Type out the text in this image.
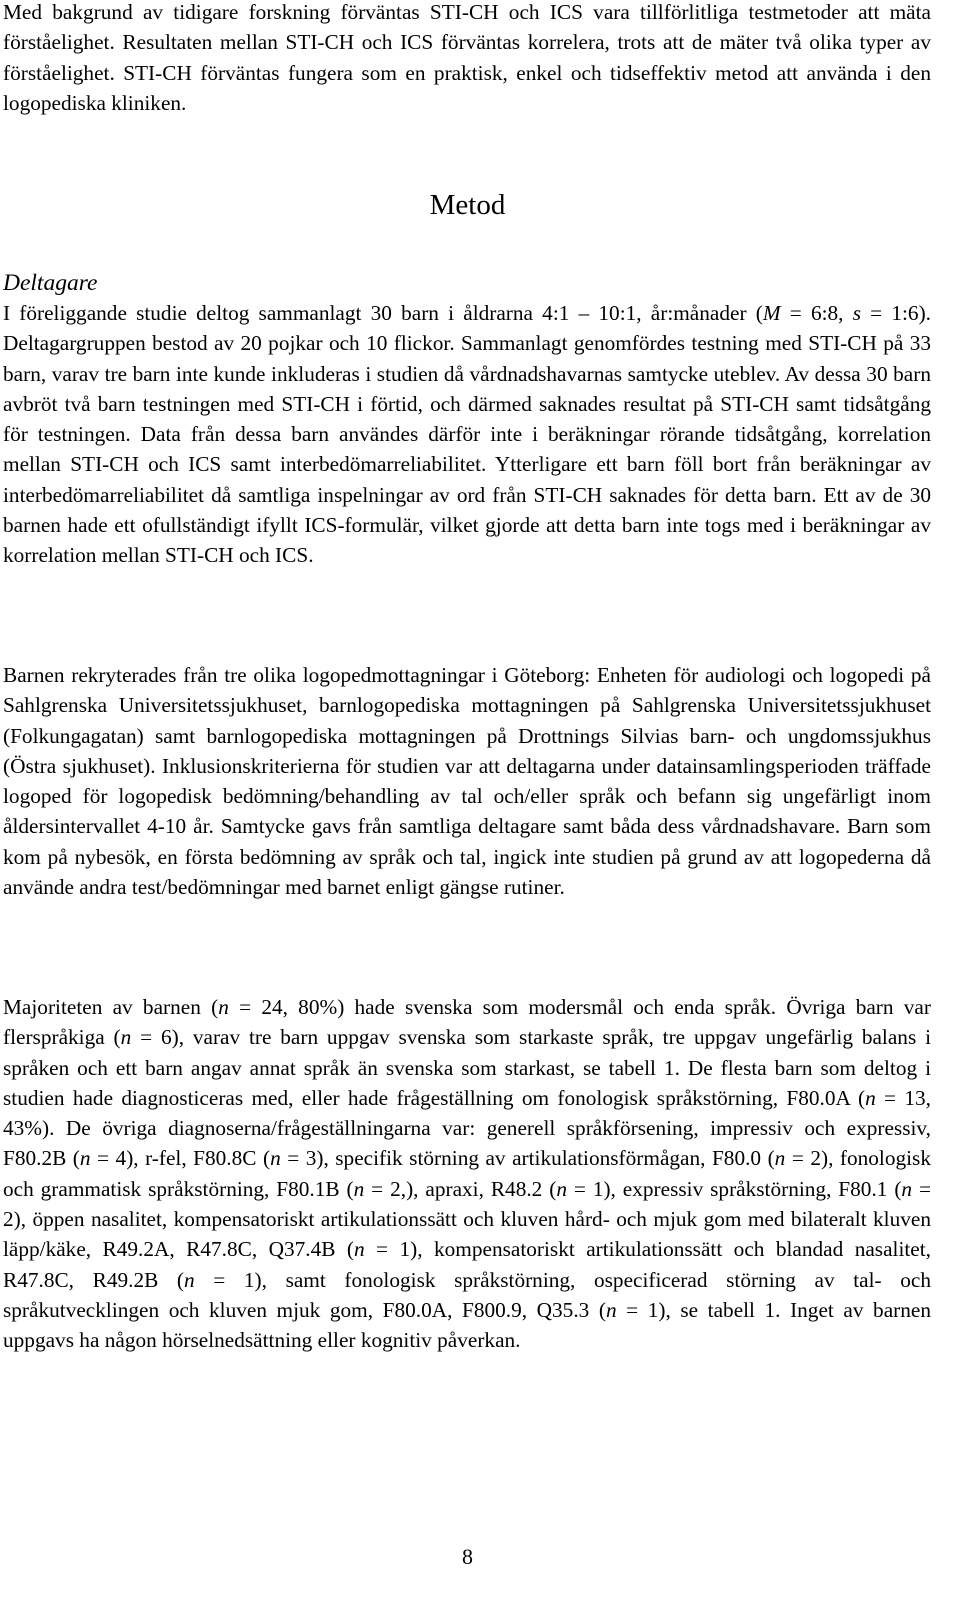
Med bakgrund av tidigare forskning förväntas STI-CH och ICS vara tillförlitliga testmetoder att mäta förståelighet. Resultaten mellan STI-CH och ICS förväntas korrelera, trots att de mäter två olika typer av förståelighet. STI-CH förväntas fungera som en praktisk, enkel och tidseffektiv metod att använda i den logopediska kliniken.

Metod
Deltagare

I föreliggande studie deltog sammanlagt 30 barn i åldrarna 4:1 – 10:1, år:månader (M = 6:8, s = 1:6). Deltagargruppen bestod av 20 pojkar och 10 flickor. Sammanlagt genomfördes testning med STI-CH på 33 barn, varav tre barn inte kunde inkluderas i studien då vårdnadshavarnas samtycke uteblev. Av dessa 30 barn avbröt två barn testningen med STI-CH i förtid, och därmed saknades resultat på STI-CH samt tidsåtgång för testningen. Data från dessa barn användes därför inte i beräkningar rörande tidsåtgång, korrelation mellan STI-CH och ICS samt interbedömarreliabilitet. Ytterligare ett barn föll bort från beräkningar av interbedömarreliabilitet då samtliga inspelningar av ord från STI-CH saknades för detta barn. Ett av de 30 barnen hade ett ofullständigt ifyllt ICS-formulär, vilket gjorde att detta barn inte togs med i beräkningar av korrelation mellan STI-CH och ICS.

Barnen rekryterades från tre olika logopedmottagningar i Göteborg: Enheten för audiologi och logopedi på Sahlgrenska Universitetssjukhuset, barnlogopediska mottagningen på Sahlgrenska Universitetssjukhuset (Folkungagatan) samt barnlogopediska mottagningen på Drottnings Silvias barn- och ungdomssjukhus (Östra sjukhuset). Inklusionskriterierna för studien var att deltagarna under datainsamlingsperioden träffade logoped för logopedisk bedömning/behandling av tal och/eller språk och befann sig ungefärligt inom åldersintervallet 4-10 år. Samtycke gavs från samtliga deltagare samt båda dess vårdnadshavare. Barn som kom på nybesök, en första bedömning av språk och tal, ingick inte studien på grund av att logopederna då använde andra test/bedömningar med barnet enligt gängse rutiner.

Majoriteten av barnen (n = 24, 80%) hade svenska som modersmål och enda språk. Övriga barn var flerspråkiga (n = 6), varav tre barn uppgav svenska som starkaste språk, tre uppgav ungefärlig balans i språken och ett barn angav annat språk än svenska som starkast, se tabell 1. De flesta barn som deltog i studien hade diagnosticeras med, eller hade frågeställning om fonologisk språkstörning, F80.0A (n = 13, 43%). De övriga diagnoserna/frågeställningarna var: generell språkförsening, impressiv och expressiv, F80.2B (n = 4), r-fel, F80.8C (n = 3), specifik störning av artikulationsförmågan, F80.0 (n = 2), fonologisk och grammatisk språkstörning, F80.1B (n = 2,), apraxi, R48.2 (n = 1), expressiv språkstörning, F80.1 (n = 2), öppen nasalitet, kompensatoriskt artikulationssätt och kluven hård- och mjuk gom med bilateralt kluven läpp/käke, R49.2A, R47.8C, Q37.4B (n = 1), kompensatoriskt artikulationssätt och blandad nasalitet, R47.8C, R49.2B (n = 1), samt fonologisk språkstörning, ospecificerad störning av tal- och språkutvecklingen och kluven mjuk gom, F80.0A, F800.9, Q35.3 (n = 1), se tabell 1. Inget av barnen uppgavs ha någon hörselnedsättning eller kognitiv påverkan.

8
